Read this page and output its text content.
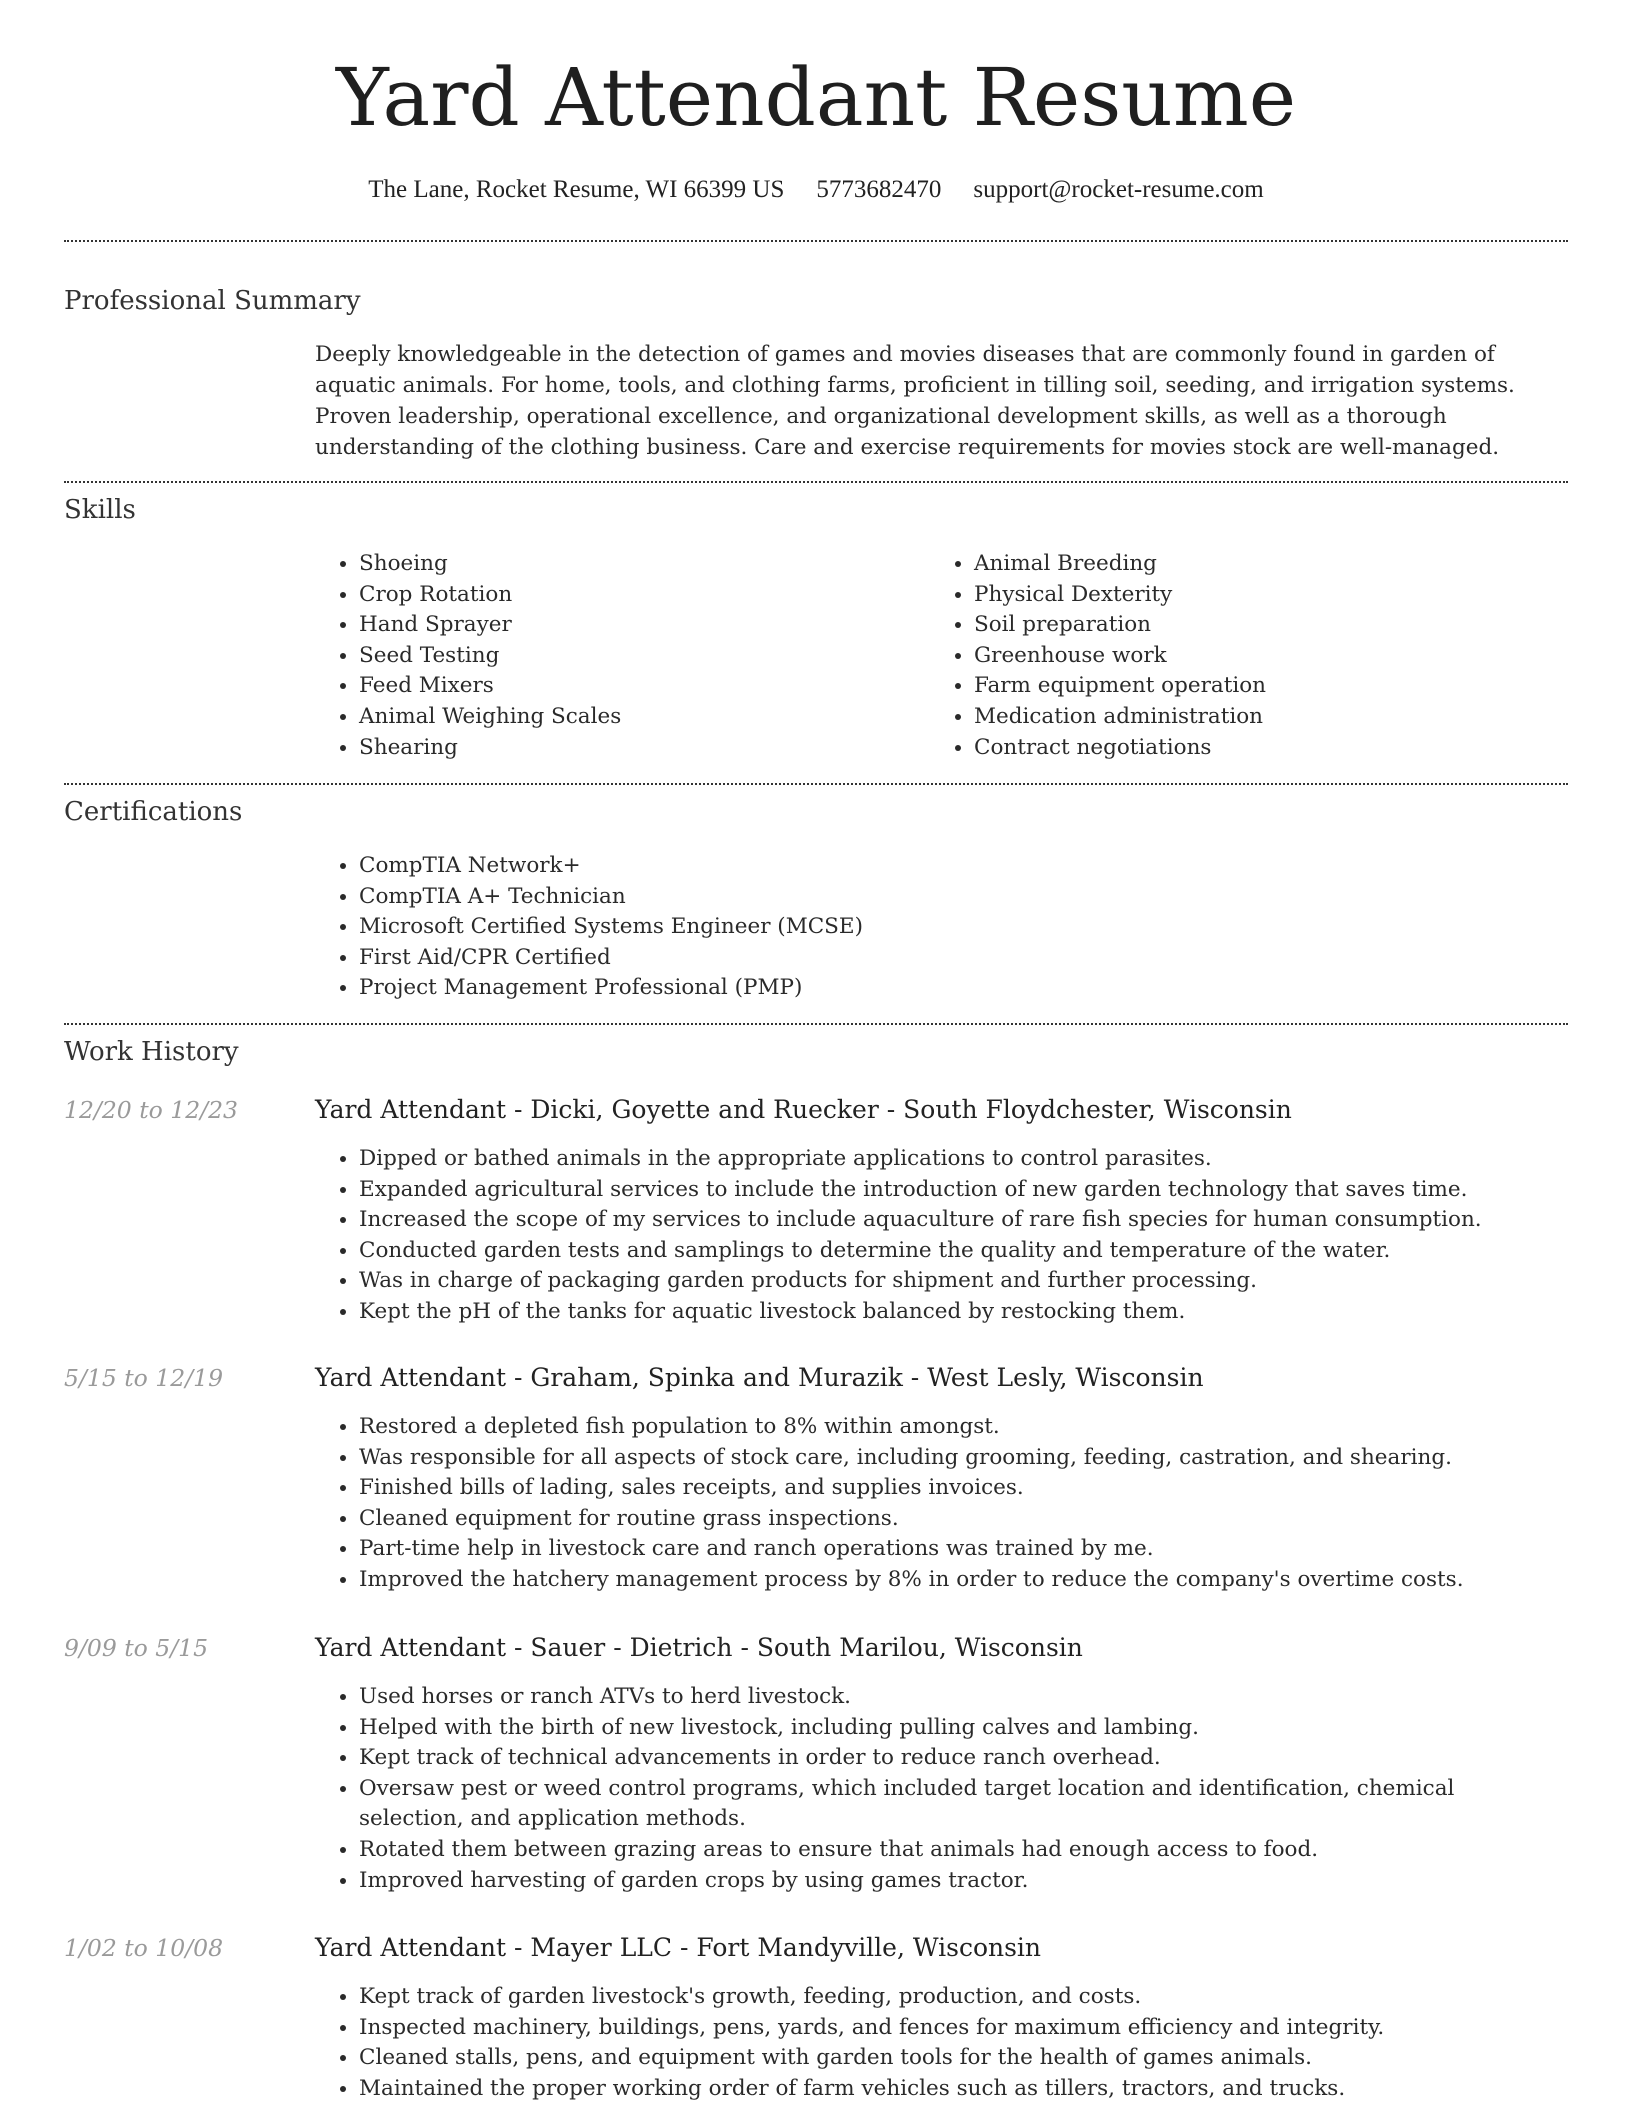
Yard Attendant Resume
The Lane, Rocket Resume, WI 66399 US 5773682470 support@rocket-resume.com
Professional Summary

Deeply knowledgeable in the detection of games and movies diseases that are commonly found in garden of aquatic animals. For home, tools, and clothing farms, proficient in tilling soil, seeding, and irrigation systems. Proven leadership, operational excellence, and organizational development skills, as well as a thorough understanding of the clothing business. Care and exercise requirements for movies stock are well-managed.

Skills
• Shoeing
• Crop Rotation
• Hand Sprayer
• Seed Testing
• Feed Mixers
• Animal Weighing Scales
• Shearing
• Animal Breeding
• Physical Dexterity
• Soil preparation
• Greenhouse work
• Farm equipment operation
• Medication administration
• Contract negotiations
Certifications
• CompTIA Network+
• CompTIA A+ Technician
• Microsoft Certified Systems Engineer (MCSE)
• First Aid/CPR Certified
• Project Management Professional (PMP)
Work History
12/20 to 12/23	Yard Attendant - Dicki, Goyette and Ruecker - South Floydchester, Wisconsin
• Dipped or bathed animals in the appropriate applications to control parasites.
• Expanded agricultural services to include the introduction of new garden technology that saves time.
• Increased the scope of my services to include aquaculture of rare fish species for human consumption.
• Conducted garden tests and samplings to determine the quality and temperature of the water.
• Was in charge of packaging garden products for shipment and further processing.
• Kept the pH of the tanks for aquatic livestock balanced by restocking them.
5/15 to 12/19	Yard Attendant - Graham, Spinka and Murazik - West Lesly, Wisconsin
• Restored a depleted fish population to 8% within amongst.
• Was responsible for all aspects of stock care, including grooming, feeding, castration, and shearing.
• Finished bills of lading, sales receipts, and supplies invoices.
• Cleaned equipment for routine grass inspections.
• Part-time help in livestock care and ranch operations was trained by me.
• Improved the hatchery management process by 8% in order to reduce the company's overtime costs.
9/09 to 5/15	Yard Attendant - Sauer - Dietrich - South Marilou, Wisconsin
• Used horses or ranch ATVs to herd livestock.
• Helped with the birth of new livestock, including pulling calves and lambing.
• Kept track of technical advancements in order to reduce ranch overhead.
• Oversaw pest or weed control programs, which included target location and identification, chemical selection, and application methods.
• Rotated them between grazing areas to ensure that animals had enough access to food.
• Improved harvesting of garden crops by using games tractor.
1/02 to 10/08	Yard Attendant - Mayer LLC - Fort Mandyville, Wisconsin
• Kept track of garden livestock's growth, feeding, production, and costs.
• Inspected machinery, buildings, pens, yards, and fences for maximum efficiency and integrity.
• Cleaned stalls, pens, and equipment with garden tools for the health of games animals.
• Maintained the proper working order of farm vehicles such as tillers, tractors, and trucks.
